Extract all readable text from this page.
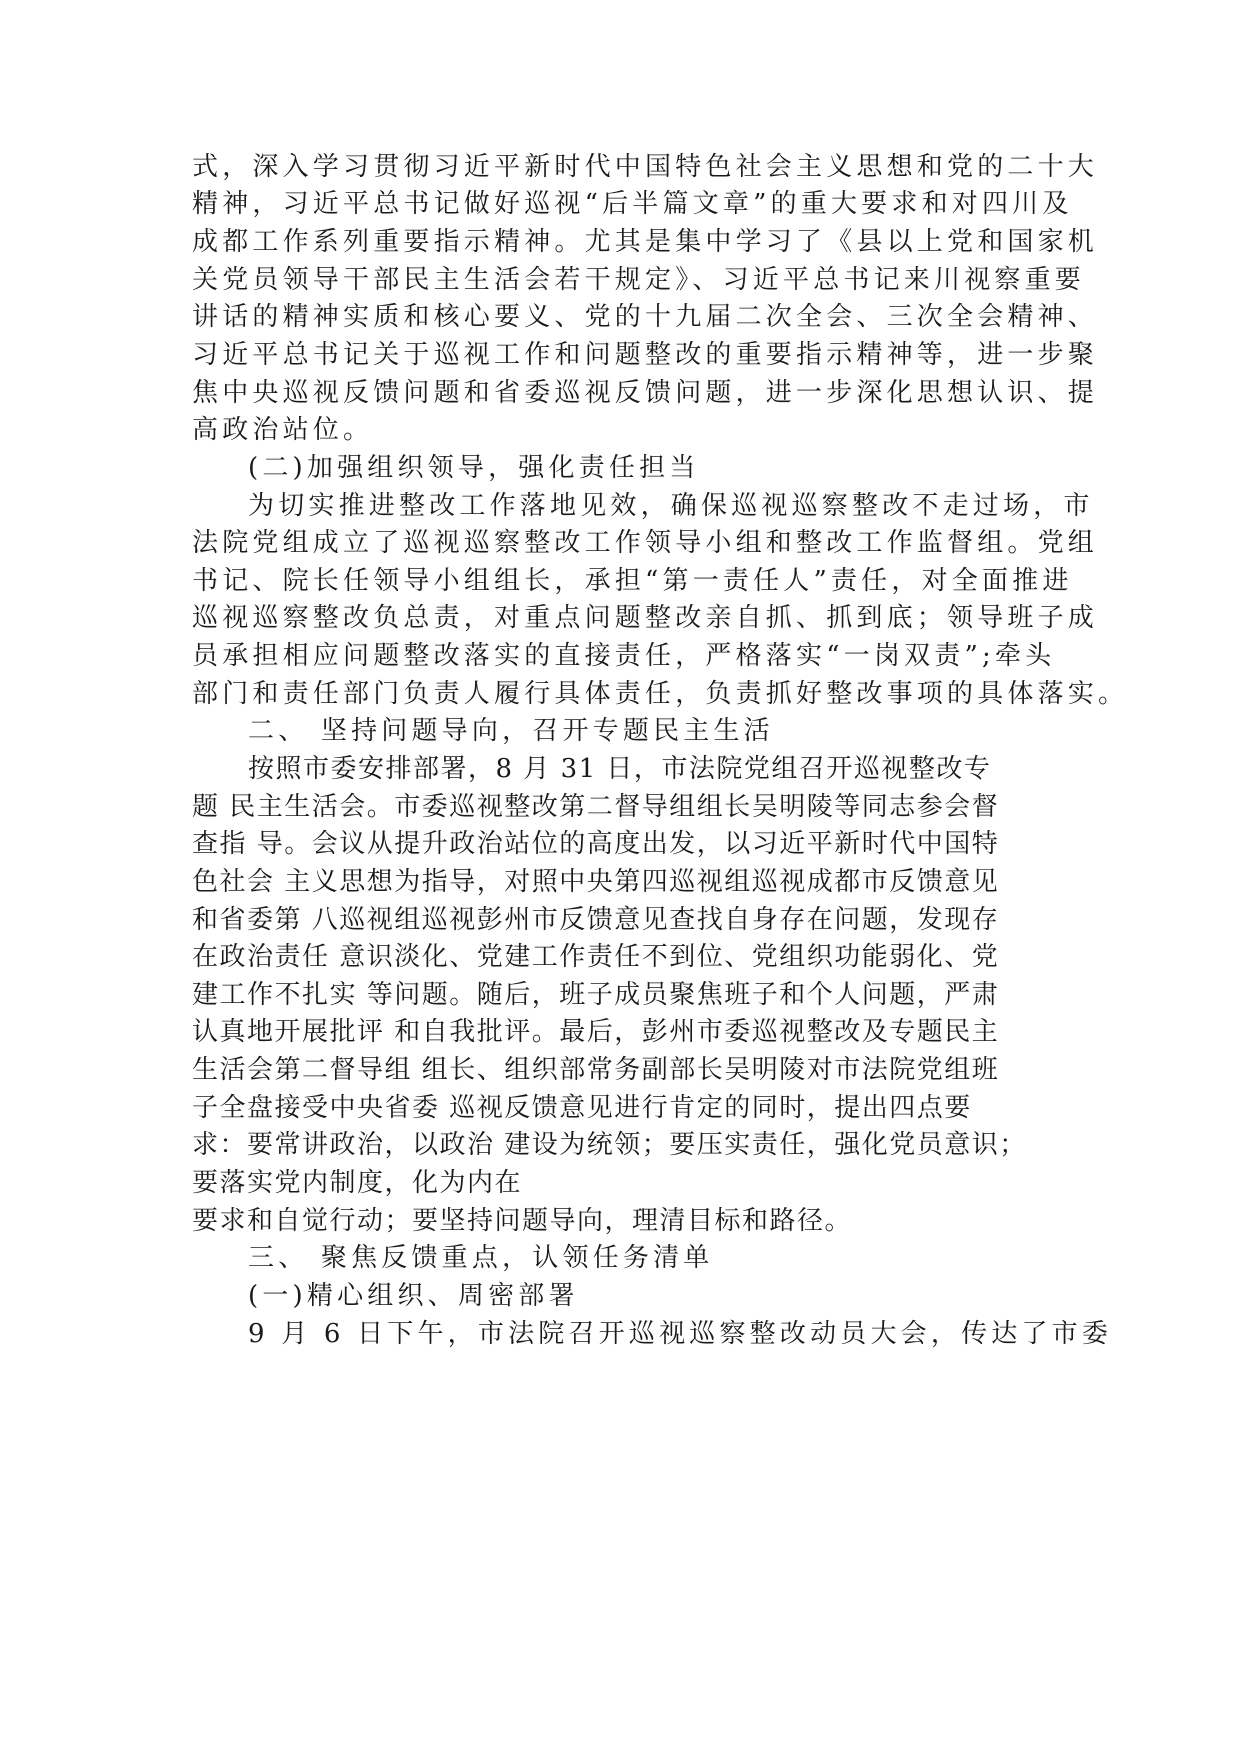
式，深入学习贯彻习近平新时代中国特色社会主义思想和党的二十大

精神，习近平总书记做好巡视“后半篇文章”的重大要求和对四川及

成都工作系列重要指示精神。尤其是集中学习了《县以上党和国家机

关党员领导干部民主生活会若干规定》、习近平总书记来川视察重要

讲话的精神实质和核心要义、党的十九届二次全会、三次全会精神、

习近平总书记关于巡视工作和问题整改的重要指示精神等，进一步聚

焦中央巡视反馈问题和省委巡视反馈问题，进一步深化思想认识、提

高政治站位。

(二)加强组织领导，强化责任担当

为切实推进整改工作落地见效，确保巡视巡察整改不走过场，市

法院党组成立了巡视巡察整改工作领导小组和整改工作监督组。党组

书记、院长任领导小组组长，承担“第一责任人”责任，对全面推进

巡视巡察整改负总责，对重点问题整改亲自抓、抓到底；领导班子成

员承担相应问题整改落实的直接责任，严格落实“一岗双责”;牵头

部门和责任部门负责人履行具体责任，负责抓好整改事项的具体落实。

二、 坚持问题导向，召开专题民主生活

按照市委安排部署，8 月 31 日，市法院党组召开巡视整改专

题 民主生活会。市委巡视整改第二督导组组长吴明陵等同志参会督

查指 导。会议从提升政治站位的高度出发，以习近平新时代中国特

色社会 主义思想为指导，对照中央第四巡视组巡视成都市反馈意见

和省委第 八巡视组巡视彭州市反馈意见查找自身存在问题，发现存

在政治责任 意识淡化、党建工作责任不到位、党组织功能弱化、党

建工作不扎实 等问题。随后，班子成员聚焦班子和个人问题，严肃

认真地开展批评 和自我批评。最后，彭州市委巡视整改及专题民主

生活会第二督导组 组长、组织部常务副部长吴明陵对市法院党组班

子全盘接受中央省委 巡视反馈意见进行肯定的同时，提出四点要

求：要常讲政治，以政治 建设为统领；要压实责任，强化党员意识；

要落实党内制度，化为内在

要求和自觉行动；要坚持问题导向，理清目标和路径。

三、 聚焦反馈重点，认领任务清单

(一)精心组织、周密部署

9 月 6 日下午，市法院召开巡视巡察整改动员大会，传达了市委
